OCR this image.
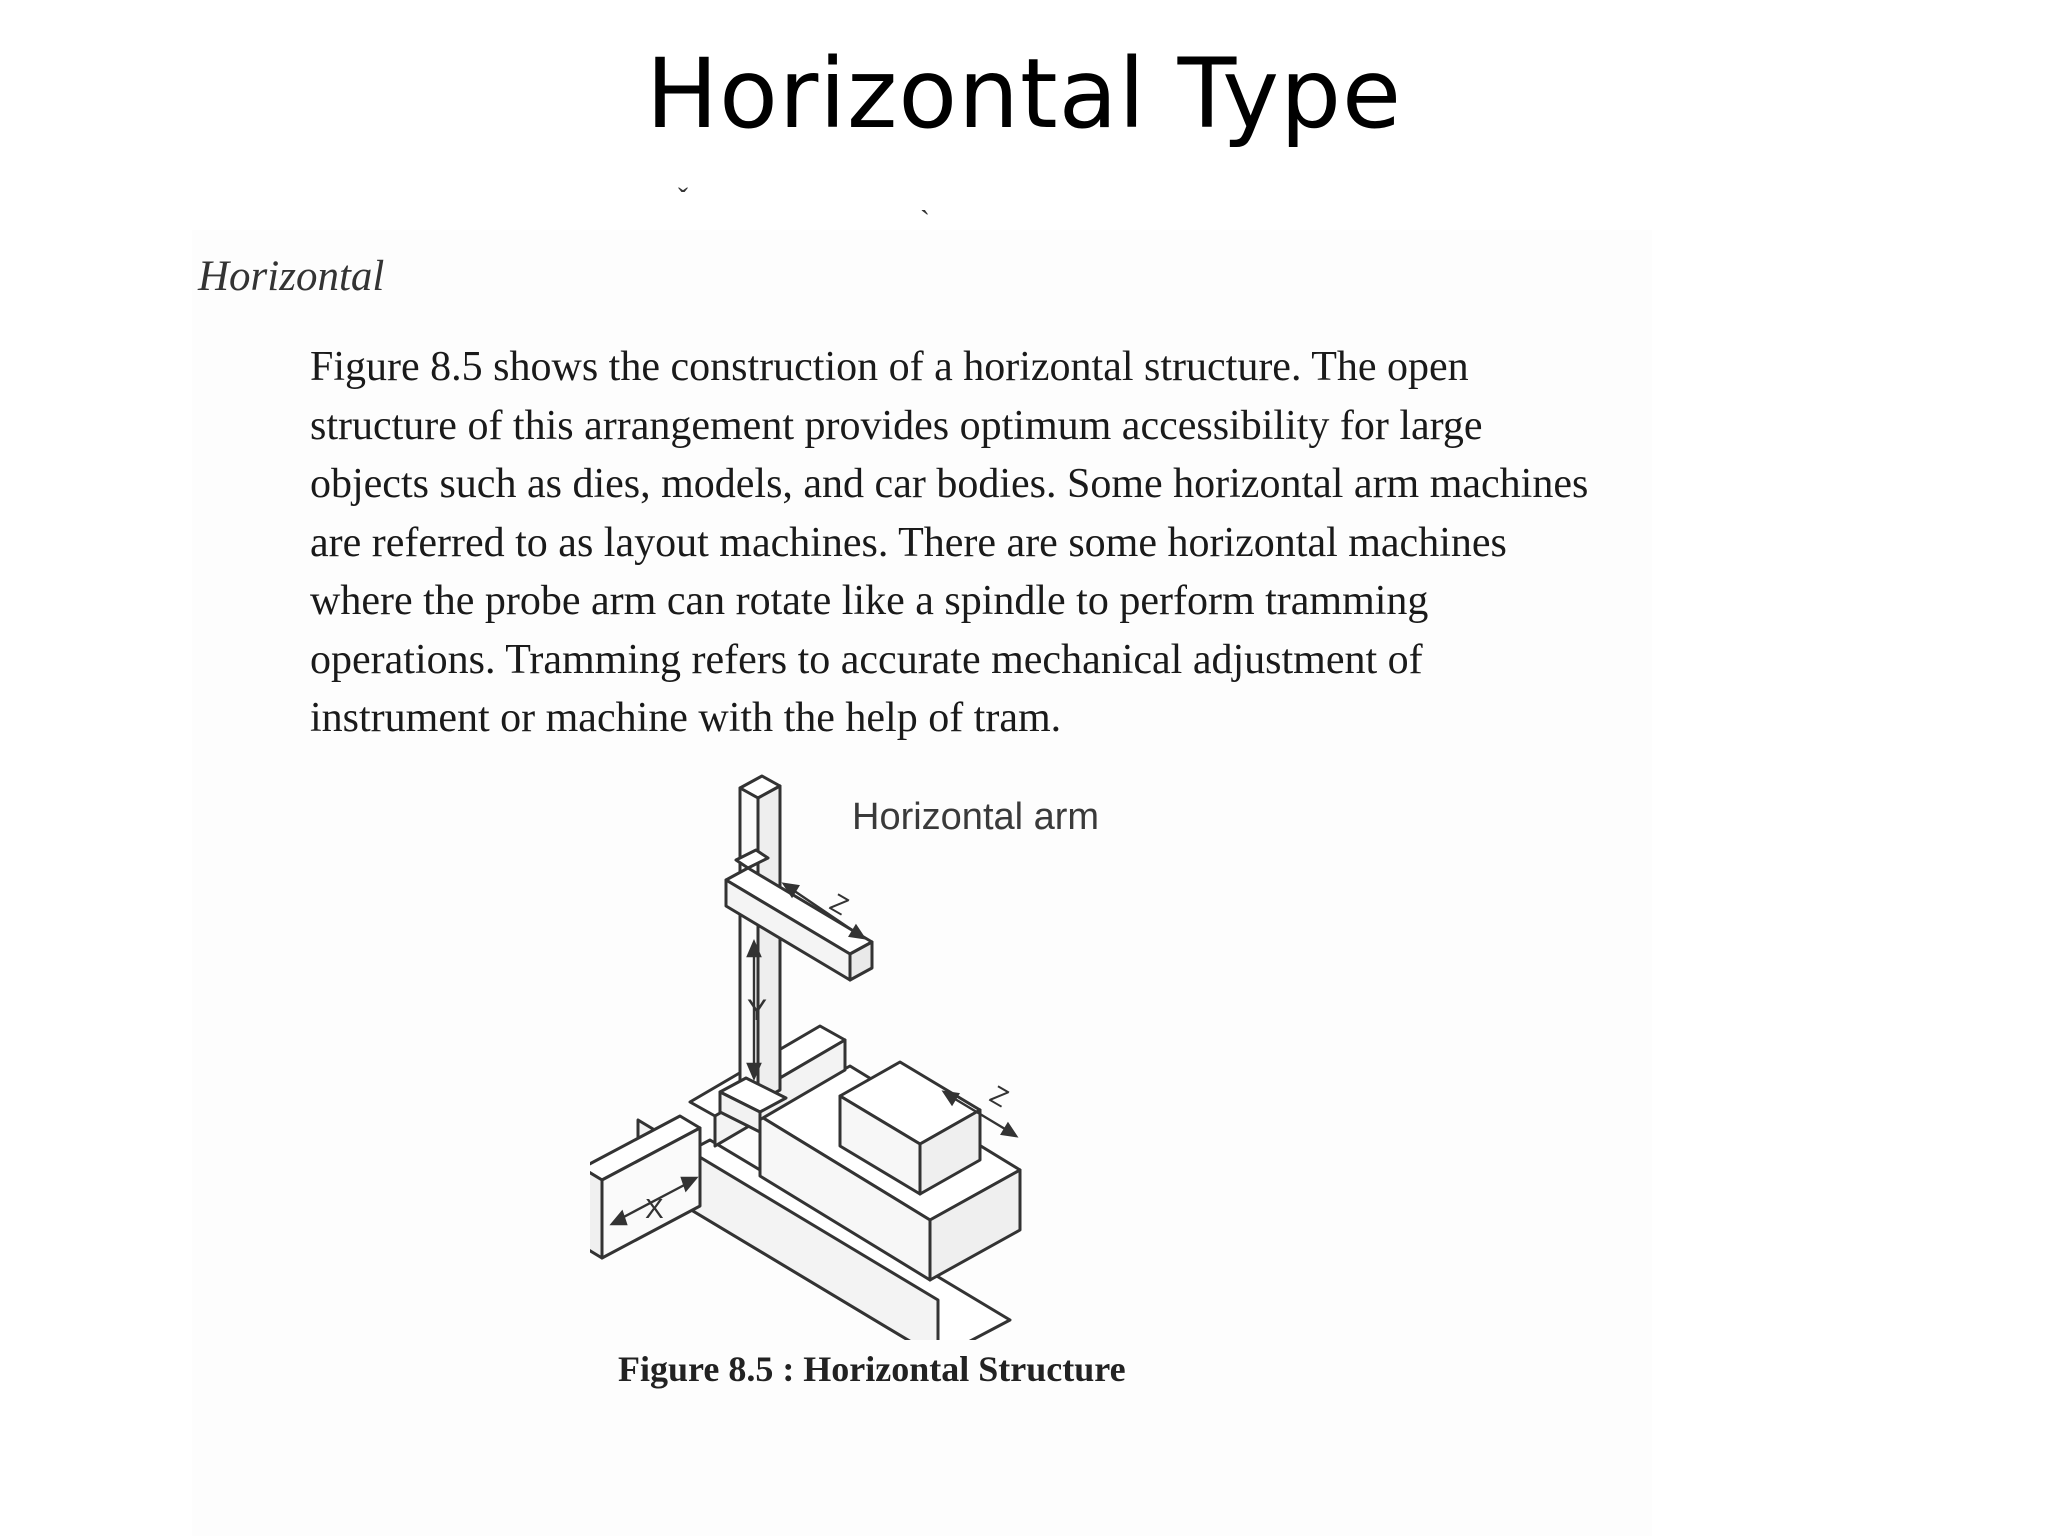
Horizontal Type
ˇ	ˎ
Horizontal
Figure 8.5 shows the construction of a horizontal structure. The open
structure of this arrangement provides optimum accessibility for large
objects such as dies, models, and car bodies. Some horizontal arm machines
are referred to as layout machines. There are some horizontal machines
where the probe arm can rotate like a spindle to perform tramming
operations. Tramming refers to accurate mechanical adjustment of
instrument or machine with the help of tram.
Horizontal arm
Y
Z
Z
X
Figure 8.5 : Horizontal Structure
